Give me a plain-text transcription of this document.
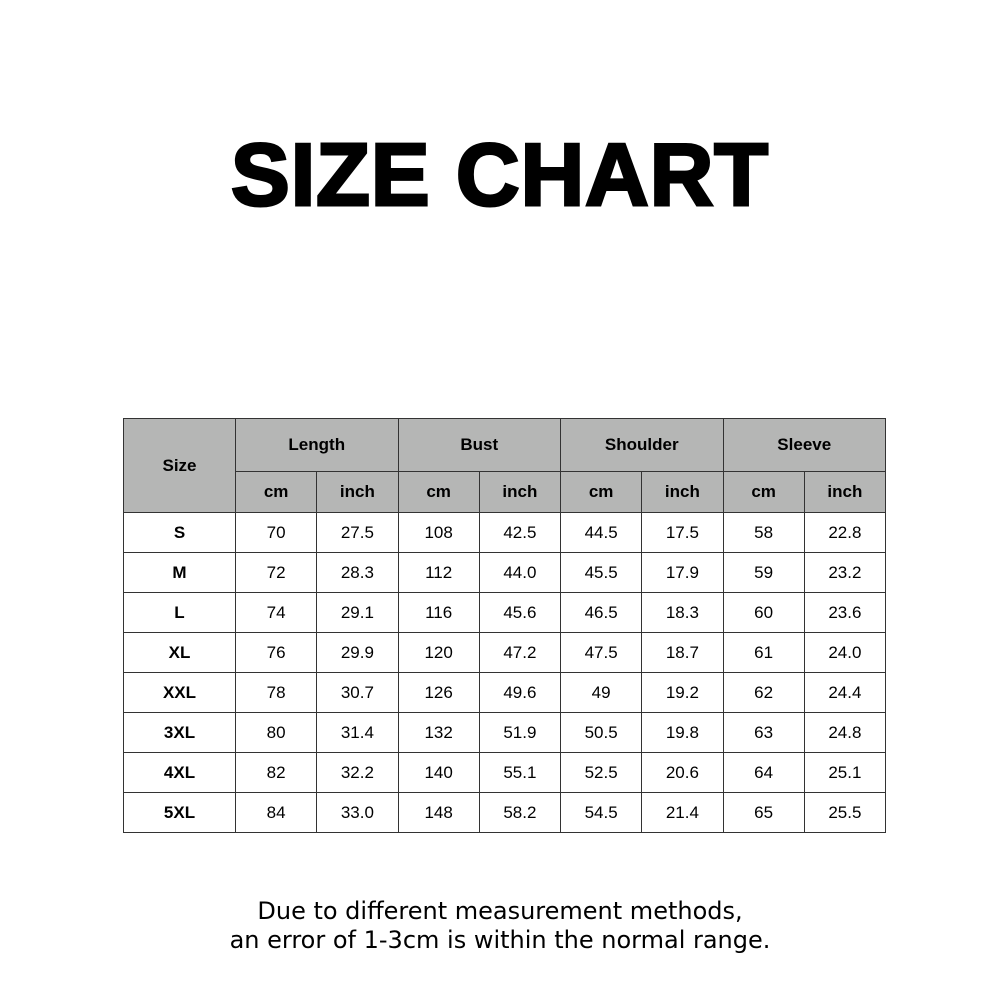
SIZE CHART
Size	Length		Bust		Shoulder		Sleeve	
	cm	inch	cm	inch	cm	inch	cm	inch
S	70	27.5	108	42.5	44.5	17.5	58	22.8
M	72	28.3	112	44.0	45.5	17.9	59	23.2
L	74	29.1	116	45.6	46.5	18.3	60	23.6
XL	76	29.9	120	47.2	47.5	18.7	61	24.0
XXL	78	30.7	126	49.6	49	19.2	62	24.4
3XL	80	31.4	132	51.9	50.5	19.8	63	24.8
4XL	82	32.2	140	55.1	52.5	20.6	64	25.1
5XL	84	33.0	148	58.2	54.5	21.4	65	25.5
Due to different measurement methods,
an error of 1-3cm is within the normal range.
